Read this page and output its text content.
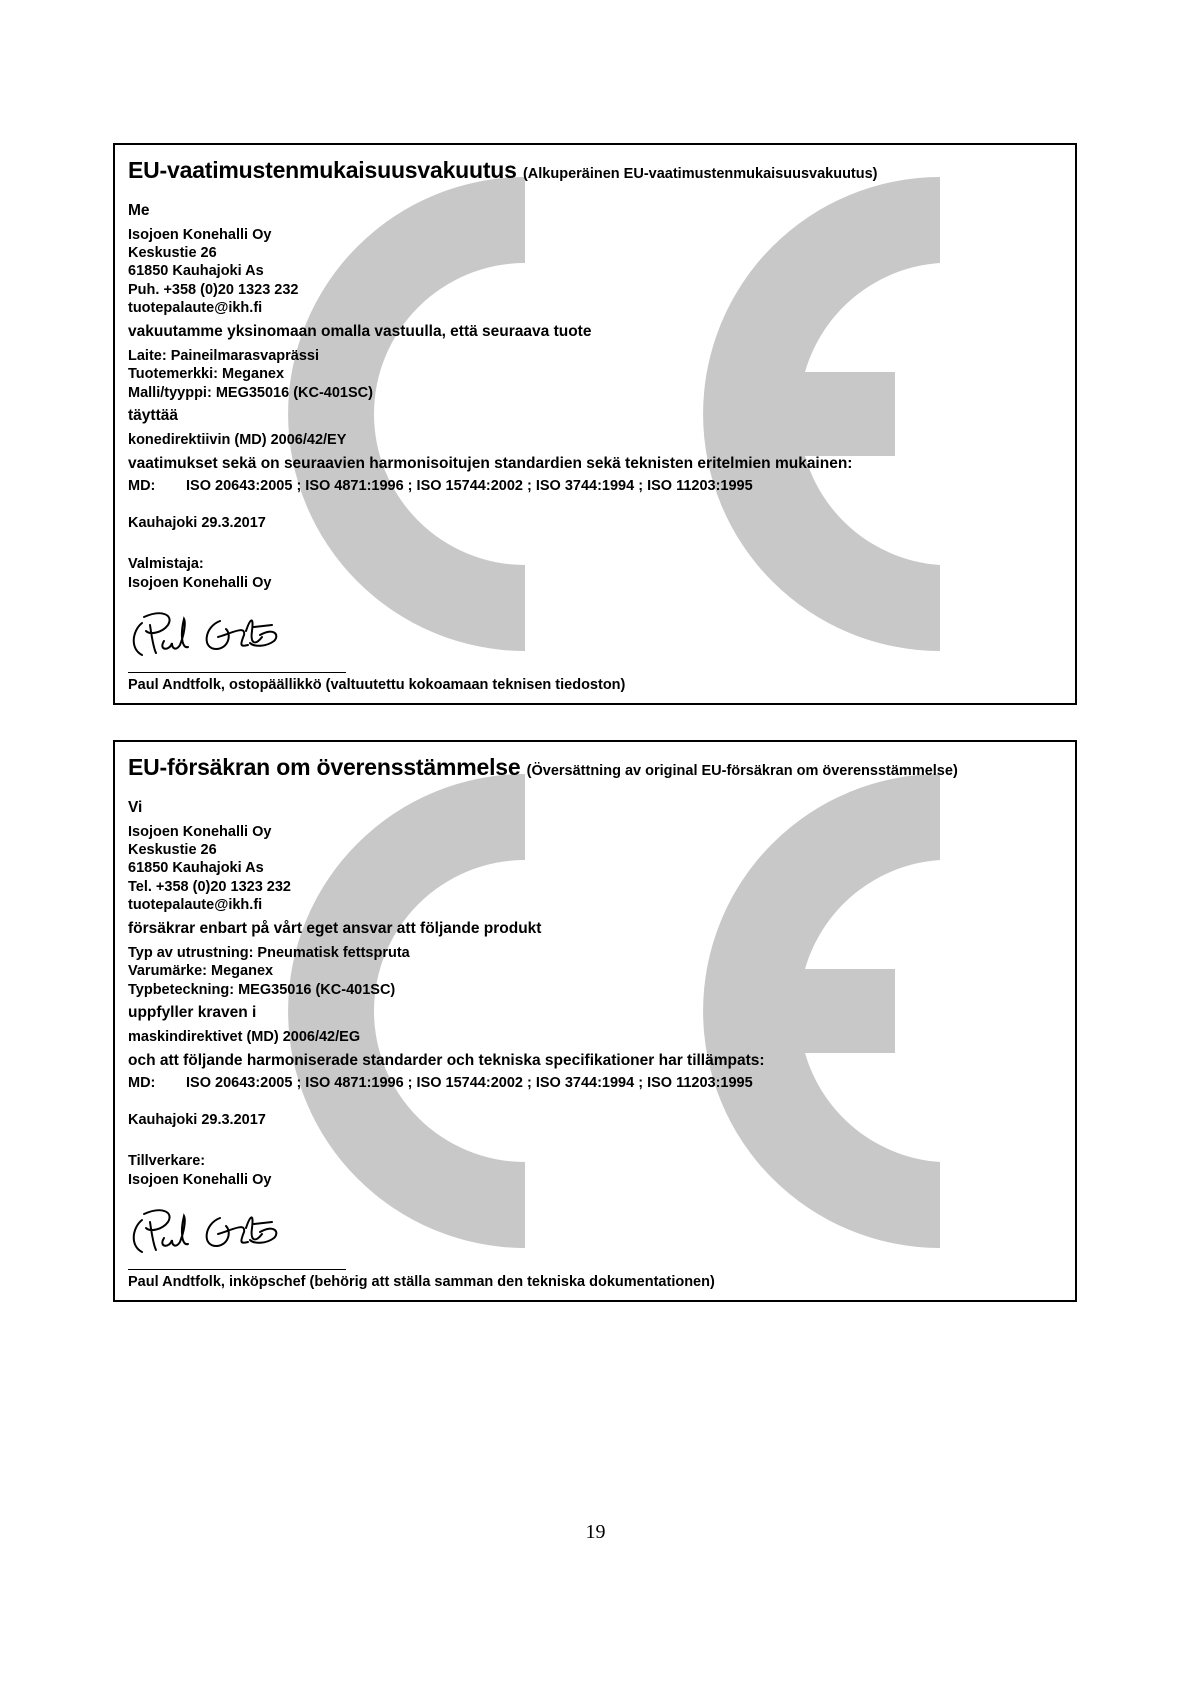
EU-vaatimustenmukaisuusvakuutus (Alkuperäinen EU-vaatimustenmukaisuusvakuutus)
Me
Isojoen Konehalli Oy
Keskustie 26
61850 Kauhajoki As
Puh. +358 (0)20 1323 232
tuotepalaute@ikh.fi
vakuutamme yksinomaan omalla vastuulla, että seuraava tuote
Laite: Paineilmarasvaprässi
Tuotemerkki: Meganex
Malli/tyyppi: MEG35016 (KC-401SC)
täyttää
konedirektiivin (MD) 2006/42/EY
vaatimukset sekä on seuraavien harmonisoitujen standardien sekä teknisten eritelmien mukainen:
MD: ISO 20643:2005 ; ISO 4871:1996 ; ISO 15744:2002 ; ISO 3744:1994 ; ISO 11203:1995
Kauhajoki 29.3.2017
Valmistaja:
Isojoen Konehalli Oy
Paul Andtfolk, ostopäällikkö (valtuutettu kokoamaan teknisen tiedoston)
EU-försäkran om överensstämmelse (Översättning av original EU-försäkran om överensstämmelse)
Vi
Isojoen Konehalli Oy
Keskustie 26
61850 Kauhajoki As
Tel. +358 (0)20 1323 232
tuotepalaute@ikh.fi
försäkrar enbart på vårt eget ansvar att följande produkt
Typ av utrustning: Pneumatisk fettspruta
Varumärke: Meganex
Typbeteckning: MEG35016 (KC-401SC)
uppfyller kraven i
maskindirektivet (MD) 2006/42/EG
och att följande harmoniserade standarder och tekniska specifikationer har tillämpats:
MD: ISO 20643:2005 ; ISO 4871:1996 ; ISO 15744:2002 ; ISO 3744:1994 ; ISO 11203:1995
Kauhajoki 29.3.2017
Tillverkare:
Isojoen Konehalli Oy
Paul Andtfolk, inköpschef (behörig att ställa samman den tekniska dokumentationen)
19
